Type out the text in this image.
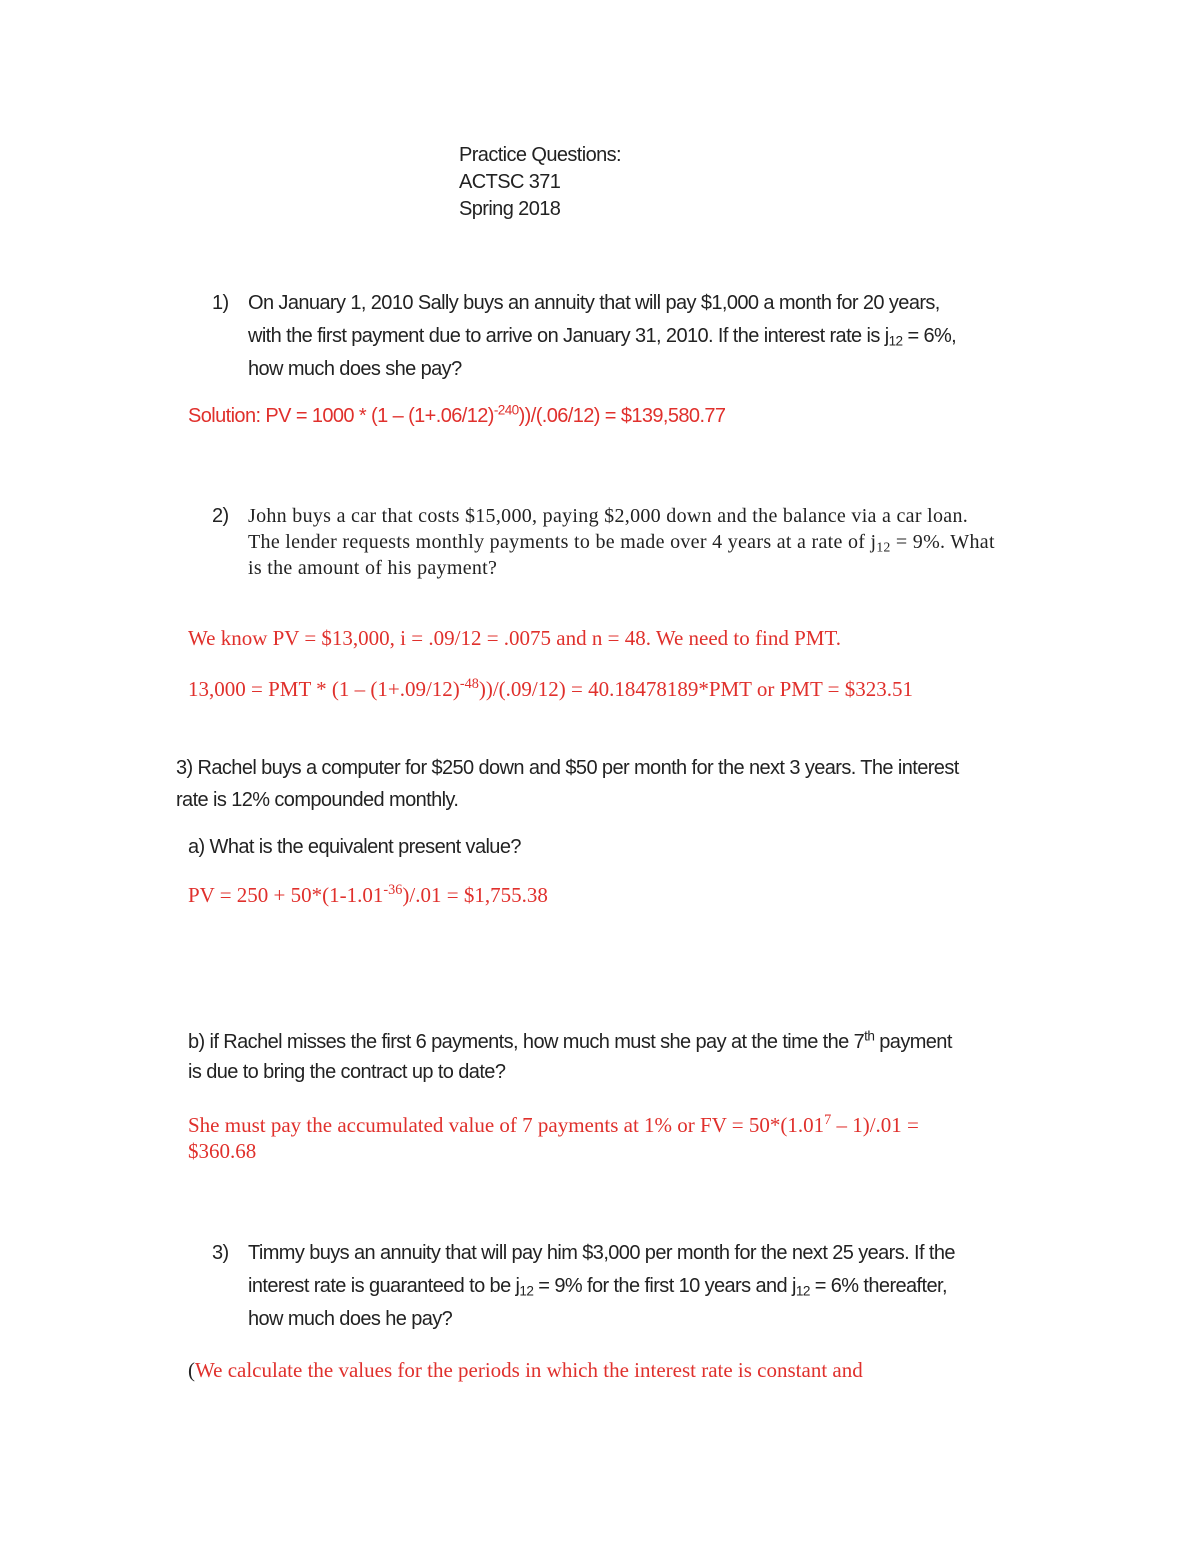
Practice Questions:
ACTSC 371
Spring 2018
1) On January 1, 2010 Sally buys an annuity that will pay $1,000 a month for 20 years,
with the first payment due to arrive on January 31, 2010. If the interest rate is $j_{12} = 6\%$,
how much does she pay?
Solution: PV = $1000 * (1 - (1+.06/12)^{-240}))/(.06/12)$ = $139,580.77
2) John buys a car that costs $15,000, paying $2,000 down and the balance via a car loan.
The lender requests monthly payments to be made over 4 years at a rate of $j_{12} = 9\%$. What
is the amount of his payment?
We know PV = $13,000, i = .09/12 = .0075 and n = 48. We need to find PMT.
13,000 = PMT * $(1 - (1+.09/12)^{-48}))/(.09/12) = 40.18478189*PMT$ or PMT = $323.51
3) Rachel buys a computer for $250 down and $50 per month for the next 3 years. The interest
rate is 12% compounded monthly.
a) What is the equivalent present value?
PV = $250 + 50*(1-1.01^{-36})/.01$ = $1,755.38
b) if Rachel misses the first 6 payments, how much must she pay at the time the 7th payment
is due to bring the contract up to date?
She must pay the accumulated value of 7 payments at 1% or FV = $50*(1.01^7 - 1)/.01$ =
$360.68
3) Timmy buys an annuity that will pay him $3,000 per month for the next 25 years. If the
interest rate is guaranteed to be $j_{12} = 9\%$ for the first 10 years and $j_{12} = 6\%$ thereafter,
how much does he pay?
(We calculate the values for the periods in which the interest rate is constant and
